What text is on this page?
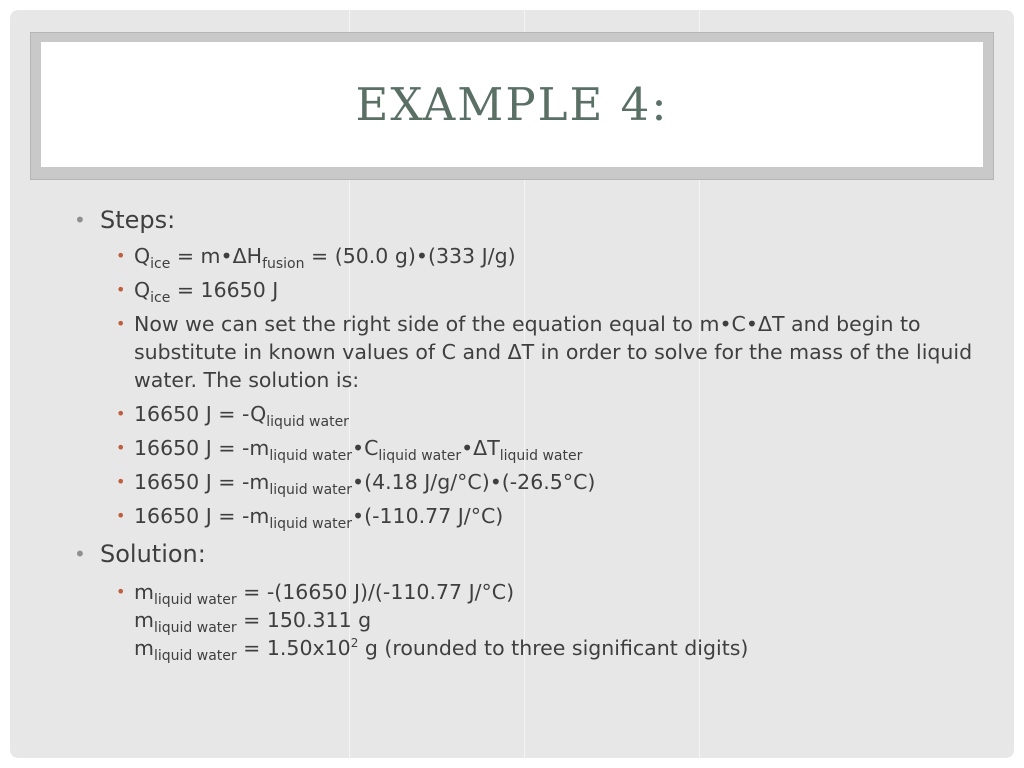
EXAMPLE 4:
• Steps:
• $Q_{ice}$ = $m•\Delta H_{fusion} = (50.0$ g)•(333 J/g)
• $Q_{ice} = 16650$ J
• Now we can set the right side of the equation equal to m•C•ΔT and begin to substitute in known values of C and ΔT in order to solve for the mass of the liquid water. The solution is:
• 16650 $J = -Q_{liquid water}$
• 16650 $J = -m_{liquid water}•C_{liquid water}•\Delta T_{liquid water}$
• 16650 $J = -m_{liquid water}•(4.18$ J/g/°C)•(-26.5°C)
• 16650 $J = -m_{liquid water}•(-110.77$ J/°C)
• Solution:
• $m_{liquid water} = -(16650$ J)/(-110.77 J/°C)
$m_{liquid water} = 150.311$ g
$m_{liquid water} = 1.50x10^2$ g (rounded to three significant digits)
